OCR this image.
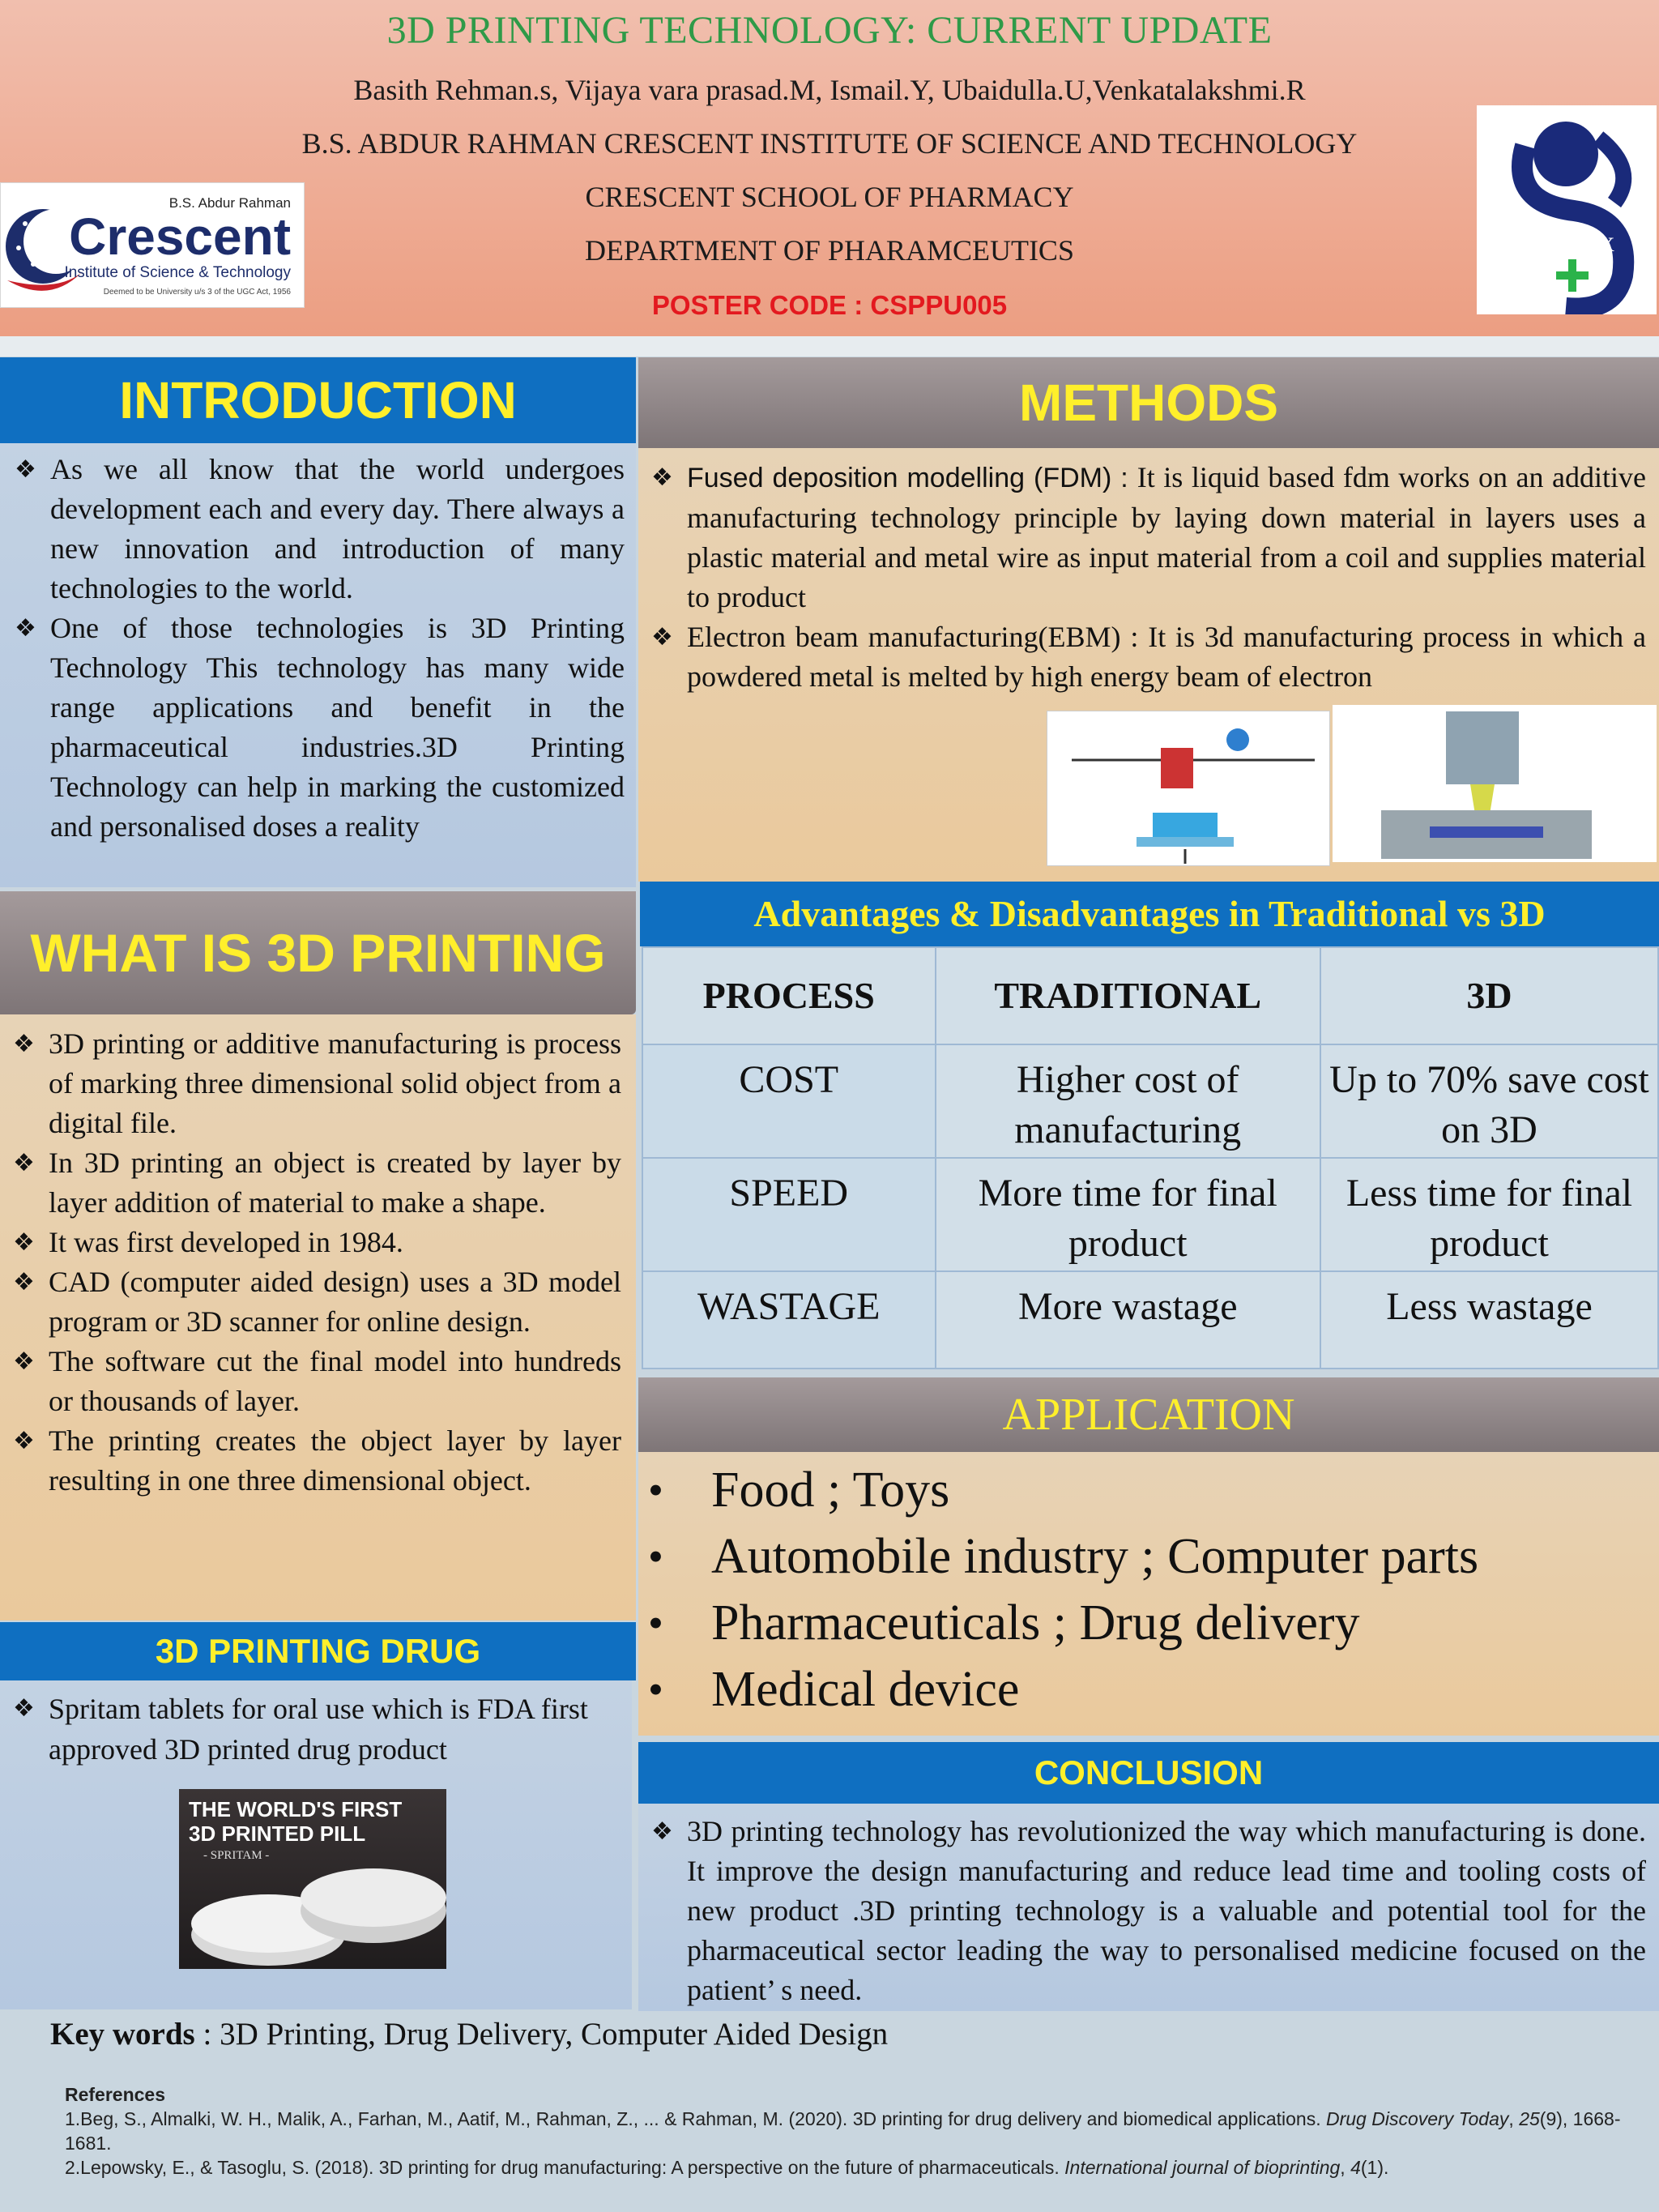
3D PRINTING TECHNOLOGY: CURRENT UPDATE
Basith Rehman.s, Vijaya vara prasad.M, Ismail.Y, Ubaidulla.U,Venkatalakshmi.R
B.S. ABDUR RAHMAN CRESCENT INSTITUTE OF SCIENCE AND TECHNOLOGY
CRESCENT SCHOOL OF PHARMACY
DEPARTMENT OF PHARAMCEUTICS
POSTER CODE : CSPPU005
B.S. Abdur Rahman
Crescent
Institute of Science & Technology
Deemed to be University u/s 3 of the UGC Act, 1956
Rx
INTRODUCTION
❖ As we all know that the world undergoes development each and every day. There always a new innovation and introduction of many technologies to the world.
❖ One of those technologies is 3D Printing Technology This technology has many wide range applications and benefit in the pharmaceutical industries.3D Printing Technology can help in marking the customized and personalised doses a reality
WHAT IS 3D PRINTING
❖ 3D printing or additive manufacturing is process of marking three dimensional solid object from a digital file.
❖ In 3D printing an object is created by layer by layer addition of material to make a shape.
❖ It was first developed in 1984.
❖ CAD (computer aided design) uses a 3D model program or 3D scanner for online design.
❖ The software cut the final model into hundreds or thousands of layer.
❖ The printing creates the object layer by layer resulting in one three dimensional object.
3D PRINTING DRUG
❖ Spritam tablets for oral use which is FDA first approved 3D printed drug product
THE WORLD'S FIRST
3D PRINTED PILL
- SPRITAM -
METHODS
❖ Fused deposition modelling (FDM) : It is liquid based fdm works on an additive manufacturing technology principle by laying down material in layers uses a plastic material and metal wire as input material from a coil and supplies material to product
❖ Electron beam manufacturing(EBM) : It is 3d manufacturing process in which a powdered metal is melted by high energy beam of electron
Advantages & Disadvantages in Traditional vs 3D
PROCESS	TRADITIONAL	3D
COST	Higher cost of manufacturing	Up to 70% save cost on 3D
SPEED	More time for final product	Less time for final product
WASTAGE	More wastage	Less wastage
APPLICATION
• Food ; Toys
• Automobile industry ; Computer parts
• Pharmaceuticals ; Drug delivery
• Medical device
CONCLUSION
❖ 3D printing technology has revolutionized the way which manufacturing is done. It improve the design manufacturing and reduce lead time and tooling costs of new product .3D printing technology is a valuable and potential tool for the pharmaceutical sector leading the way to personalised medicine focused on the patient’ s need.
Key words : 3D Printing, Drug Delivery, Computer Aided Design
References
1.Beg, S., Almalki, W. H., Malik, A., Farhan, M., Aatif, M., Rahman, Z., ... & Rahman, M. (2020). 3D printing for drug delivery and biomedical applications. Drug Discovery Today, 25(9), 1668-1681.
2.Lepowsky, E., & Tasoglu, S. (2018). 3D printing for drug manufacturing: A perspective on the future of pharmaceuticals. International journal of bioprinting, 4(1).
